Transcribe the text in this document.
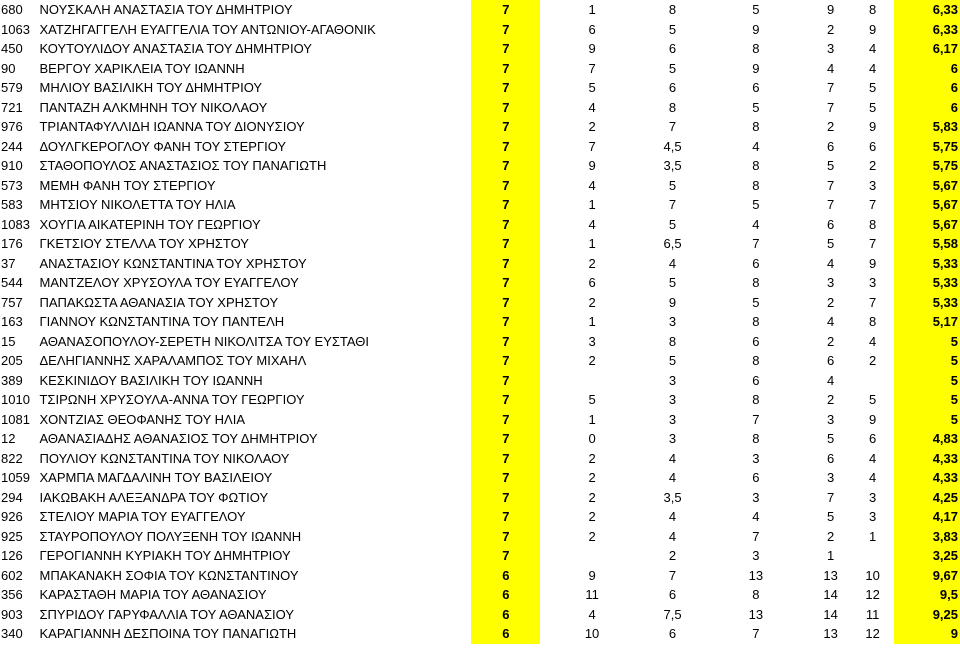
680	ΝΟΥΣΚΑΛΗ ΑΝΑΣΤΑΣΙΑ ΤΟΥ ΔΗΜΗΤΡΙΟΥ	7	1	8	5	9	8	6,33
1063	ΧΑΤΖΗΓΑΓΓΕΛΗ ΕΥΑΓΓΕΛΙΑ ΤΟΥ ΑΝΤΩΝΙΟΥ-ΑΓΑΘΟΝΙΚ	7	6	5	9	2	9	6,33
450	ΚΟΥΤΟΥΛΙΔΟΥ ΑΝΑΣΤΑΣΙΑ ΤΟΥ ΔΗΜΗΤΡΙΟΥ	7	9	6	8	3	4	6,17
90	ΒΕΡΓΟΥ ΧΑΡΙΚΛΕΙΑ ΤΟΥ ΙΩΑΝΝΗ	7	7	5	9	4	4	6
579	ΜΗΛΙΟΥ ΒΑΣΙΛΙΚΗ ΤΟΥ ΔΗΜΗΤΡΙΟΥ	7	5	6	6	7	5	6
721	ΠΑΝΤΑΖΗ ΑΛΚΜΗΝΗ ΤΟΥ ΝΙΚΟΛΑΟΥ	7	4	8	5	7	5	6
976	ΤΡΙΑΝΤΑΦΥΛΛΙΔΗ ΙΩΑΝΝΑ ΤΟΥ ΔΙΟΝΥΣΙΟΥ	7	2	7	8	2	9	5,83
244	ΔΟΥΛΓΚΕΡΟΓΛΟΥ ΦΑΝΗ ΤΟΥ ΣΤΕΡΓΙΟΥ	7	7	4,5	4	6	6	5,75
910	ΣΤΑΘΟΠΟΥΛΟΣ ΑΝΑΣΤΑΣΙΟΣ ΤΟΥ ΠΑΝΑΓΙΩΤΗ	7	9	3,5	8	5	2	5,75
573	ΜΕΜΗ ΦΑΝΗ ΤΟΥ ΣΤΕΡΓΙΟΥ	7	4	5	8	7	3	5,67
583	ΜΗΤΣΙΟΥ ΝΙΚΟΛΕΤΤΑ ΤΟΥ ΗΛΙΑ	7	1	7	5	7	7	5,67
1083	ΧΟΥΓΙΑ ΑΙΚΑΤΕΡΙΝΗ ΤΟΥ ΓΕΩΡΓΙΟΥ	7	4	5	4	6	8	5,67
176	ΓΚΕΤΣΙΟΥ ΣΤΕΛΛΑ ΤΟΥ ΧΡΗΣΤΟΥ	7	1	6,5	7	5	7	5,58
37	ΑΝΑΣΤΑΣΙΟΥ ΚΩΝΣΤΑΝΤΙΝΑ ΤΟΥ ΧΡΗΣΤΟΥ	7	2	4	6	4	9	5,33
544	ΜΑΝΤΖΕΛΟΥ ΧΡΥΣΟΥΛΑ ΤΟΥ ΕΥΑΓΓΕΛΟΥ	7	6	5	8	3	3	5,33
757	ΠΑΠΑΚΩΣΤΑ ΑΘΑΝΑΣΙΑ ΤΟΥ ΧΡΗΣΤΟΥ	7	2	9	5	2	7	5,33
163	ΓΙΑΝΝΟΥ ΚΩΝΣΤΑΝΤΙΝΑ ΤΟΥ ΠΑΝΤΕΛΗ	7	1	3	8	4	8	5,17
15	ΑΘΑΝΑΣΟΠΟΥΛΟΥ-ΣΕΡΕΤΗ ΝΙΚΟΛΙΤΣΑ ΤΟΥ ΕΥΣΤΑΘΙ	7	3	8	6	2	4	5
205	ΔΕΛΗΓΙΑΝΝΗΣ ΧΑΡΑΛΑΜΠΟΣ ΤΟΥ ΜΙΧΑΗΛ	7	2	5	8	6	2	5
389	ΚΕΣΚΙΝΙΔΟΥ ΒΑΣΙΛΙΚΗ ΤΟΥ ΙΩΑΝΝΗ	7		3	6	4		5
1010	ΤΣΙΡΩΝΗ ΧΡΥΣΟΥΛΑ-ΑΝΝΑ ΤΟΥ ΓΕΩΡΓΙΟΥ	7	5	3	8	2	5	5
1081	ΧΟΝΤΖΙΑΣ ΘΕΟΦΑΝΗΣ ΤΟΥ ΗΛΙΑ	7	1	3	7	3	9	5
12	ΑΘΑΝΑΣΙΑΔΗΣ ΑΘΑΝΑΣΙΟΣ ΤΟΥ ΔΗΜΗΤΡΙΟΥ	7	0	3	8	5	6	4,83
822	ΠΟΥΛΙΟΥ ΚΩΝΣΤΑΝΤΙΝΑ ΤΟΥ ΝΙΚΟΛΑΟΥ	7	2	4	3	6	4	4,33
1059	ΧΑΡΜΠΑ ΜΑΓΔΑΛΙΝΗ ΤΟΥ ΒΑΣΙΛΕΙΟΥ	7	2	4	6	3	4	4,33
294	ΙΑΚΩΒΑΚΗ ΑΛΕΞΑΝΔΡΑ ΤΟΥ ΦΩΤΙΟΥ	7	2	3,5	3	7	3	4,25
926	ΣΤΕΛΙΟΥ ΜΑΡΙΑ ΤΟΥ ΕΥΑΓΓΕΛΟΥ	7	2	4	4	5	3	4,17
925	ΣΤΑΥΡΟΠΟΥΛΟΥ ΠΟΛΥΞΕΝΗ ΤΟΥ ΙΩΑΝΝΗ	7	2	4	7	2	1	3,83
126	ΓΕΡΟΓΙΑΝΝΗ ΚΥΡΙΑΚΗ ΤΟΥ ΔΗΜΗΤΡΙΟΥ	7		2	3	1		3,25
602	ΜΠΑΚΑΝΑΚΗ ΣΟΦΙΑ ΤΟΥ ΚΩΝΣΤΑΝΤΙΝΟΥ	6	9	7	13	13	10	9,67
356	ΚΑΡΑΣΤΑΘΗ ΜΑΡΙΑ ΤΟΥ ΑΘΑΝΑΣΙΟΥ	6	11	6	8	14	12	9,5
903	ΣΠΥΡΙΔΟΥ ΓΑΡΥΦΑΛΛΙΑ ΤΟΥ ΑΘΑΝΑΣΙΟΥ	6	4	7,5	13	14	11	9,25
340	ΚΑΡΑΓΙΑΝΝΗ ΔΕΣΠΟΙΝΑ ΤΟΥ ΠΑΝΑΓΙΩΤΗ	6	10	6	7	13	12	9
